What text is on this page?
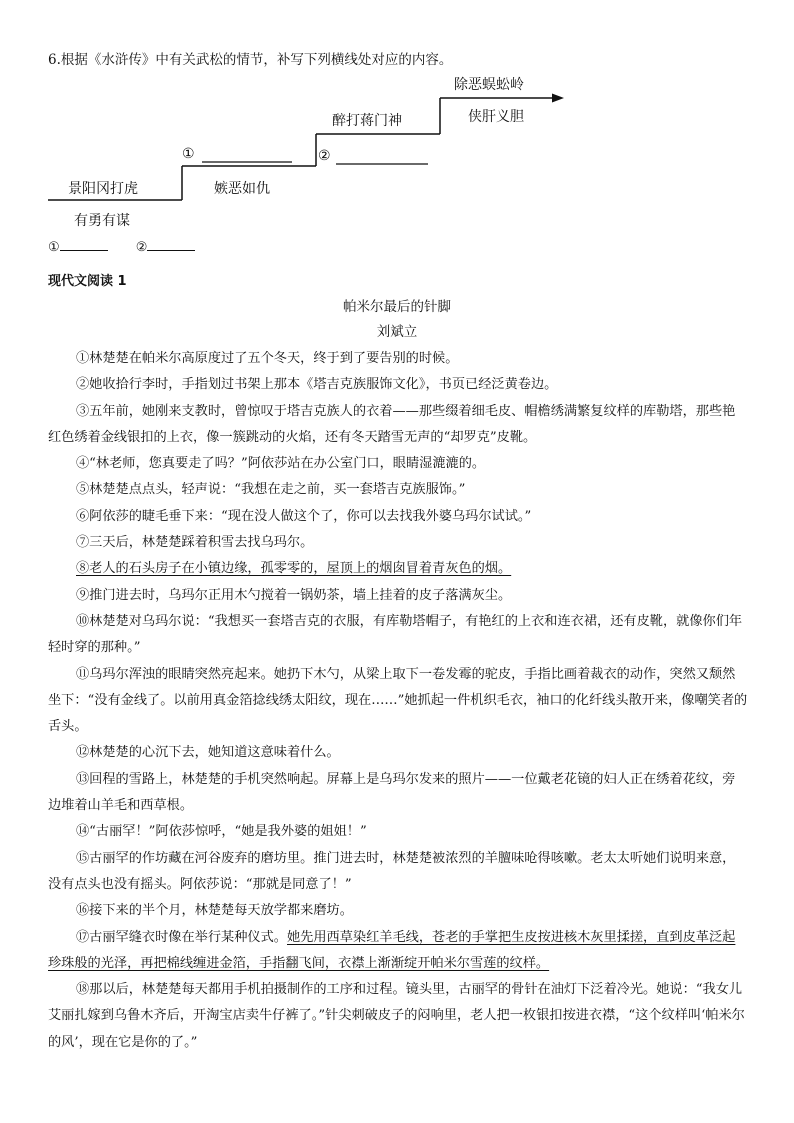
6.根据《水浒传》中有关武松的情节，补写下列横线处对应的内容。
景阳冈打虎
有勇有谋
①
嫉恶如仇
醉打蒋门神
②
除恶蜈蚣岭
侠肝义胆
①	②
现代文阅读 1
帕米尔最后的针脚
刘斌立

①林楚楚在帕米尔高原度过了五个冬天，终于到了要告别的时候。

②她收拾行李时，手指划过书架上那本《塔吉克族服饰文化》，书页已经泛黄卷边。

③五年前，她刚来支教时，曾惊叹于塔吉克族人的衣着——那些缀着细毛皮、帽檐绣满繁复纹样的库勒塔，那些艳红色绣着金线银扣的上衣，像一簇跳动的火焰，还有冬天踏雪无声的“却罗克”皮靴。

④“林老师，您真要走了吗？”阿依莎站在办公室门口，眼睛湿漉漉的。

⑤林楚楚点点头，轻声说：“我想在走之前，买一套塔吉克族服饰。”

⑥阿依莎的睫毛垂下来：“现在没人做这个了，你可以去找我外婆乌玛尔试试。”

⑦三天后，林楚楚踩着积雪去找乌玛尔。

⑧老人的石头房子在小镇边缘，孤零零的，屋顶上的烟囱冒着青灰色的烟。

⑨推门进去时，乌玛尔正用木勺搅着一锅奶茶，墙上挂着的皮子落满灰尘。

⑩林楚楚对乌玛尔说：“我想买一套塔吉克的衣服，有库勒塔帽子，有艳红的上衣和连衣裙，还有皮靴，就像你们年轻时穿的那种。”

⑪乌玛尔浑浊的眼睛突然亮起来。她扔下木勺，从梁上取下一卷发霉的驼皮，手指比画着裁衣的动作，突然又颓然坐下：“没有金线了。以前用真金箔捻线绣太阳纹，现在……”她抓起一件机织毛衣，袖口的化纤线头散开来，像嘲笑者的舌头。

⑫林楚楚的心沉下去，她知道这意味着什么。

⑬回程的雪路上，林楚楚的手机突然响起。屏幕上是乌玛尔发来的照片——一位戴老花镜的妇人正在绣着花纹，旁边堆着山羊毛和西草根。

⑭“古丽罕！”阿依莎惊呼，“她是我外婆的姐姐！”

⑮古丽罕的作坊藏在河谷废弃的磨坊里。推门进去时，林楚楚被浓烈的羊膻味呛得咳嗽。老太太听她们说明来意，没有点头也没有摇头。阿依莎说：“那就是同意了！”

⑯接下来的半个月，林楚楚每天放学都来磨坊。

⑰古丽罕缝衣时像在举行某种仪式。她先用西草染红羊毛线，苍老的手掌把生皮按进核木灰里揉搓，直到皮革泛起珍珠般的光泽，再把棉线缠进金箔，手指翻飞间，衣襟上渐渐绽开帕米尔雪莲的纹样。

⑱那以后，林楚楚每天都用手机拍摄制作的工序和过程。镜头里，古丽罕的骨针在油灯下泛着冷光。她说：“我女儿艾丽扎嫁到乌鲁木齐后，开淘宝店卖牛仔裤了。”针尖刺破皮子的闷响里，老人把一枚银扣按进衣襟，“这个纹样叫‘帕米尔的风’，现在它是你的了。”
